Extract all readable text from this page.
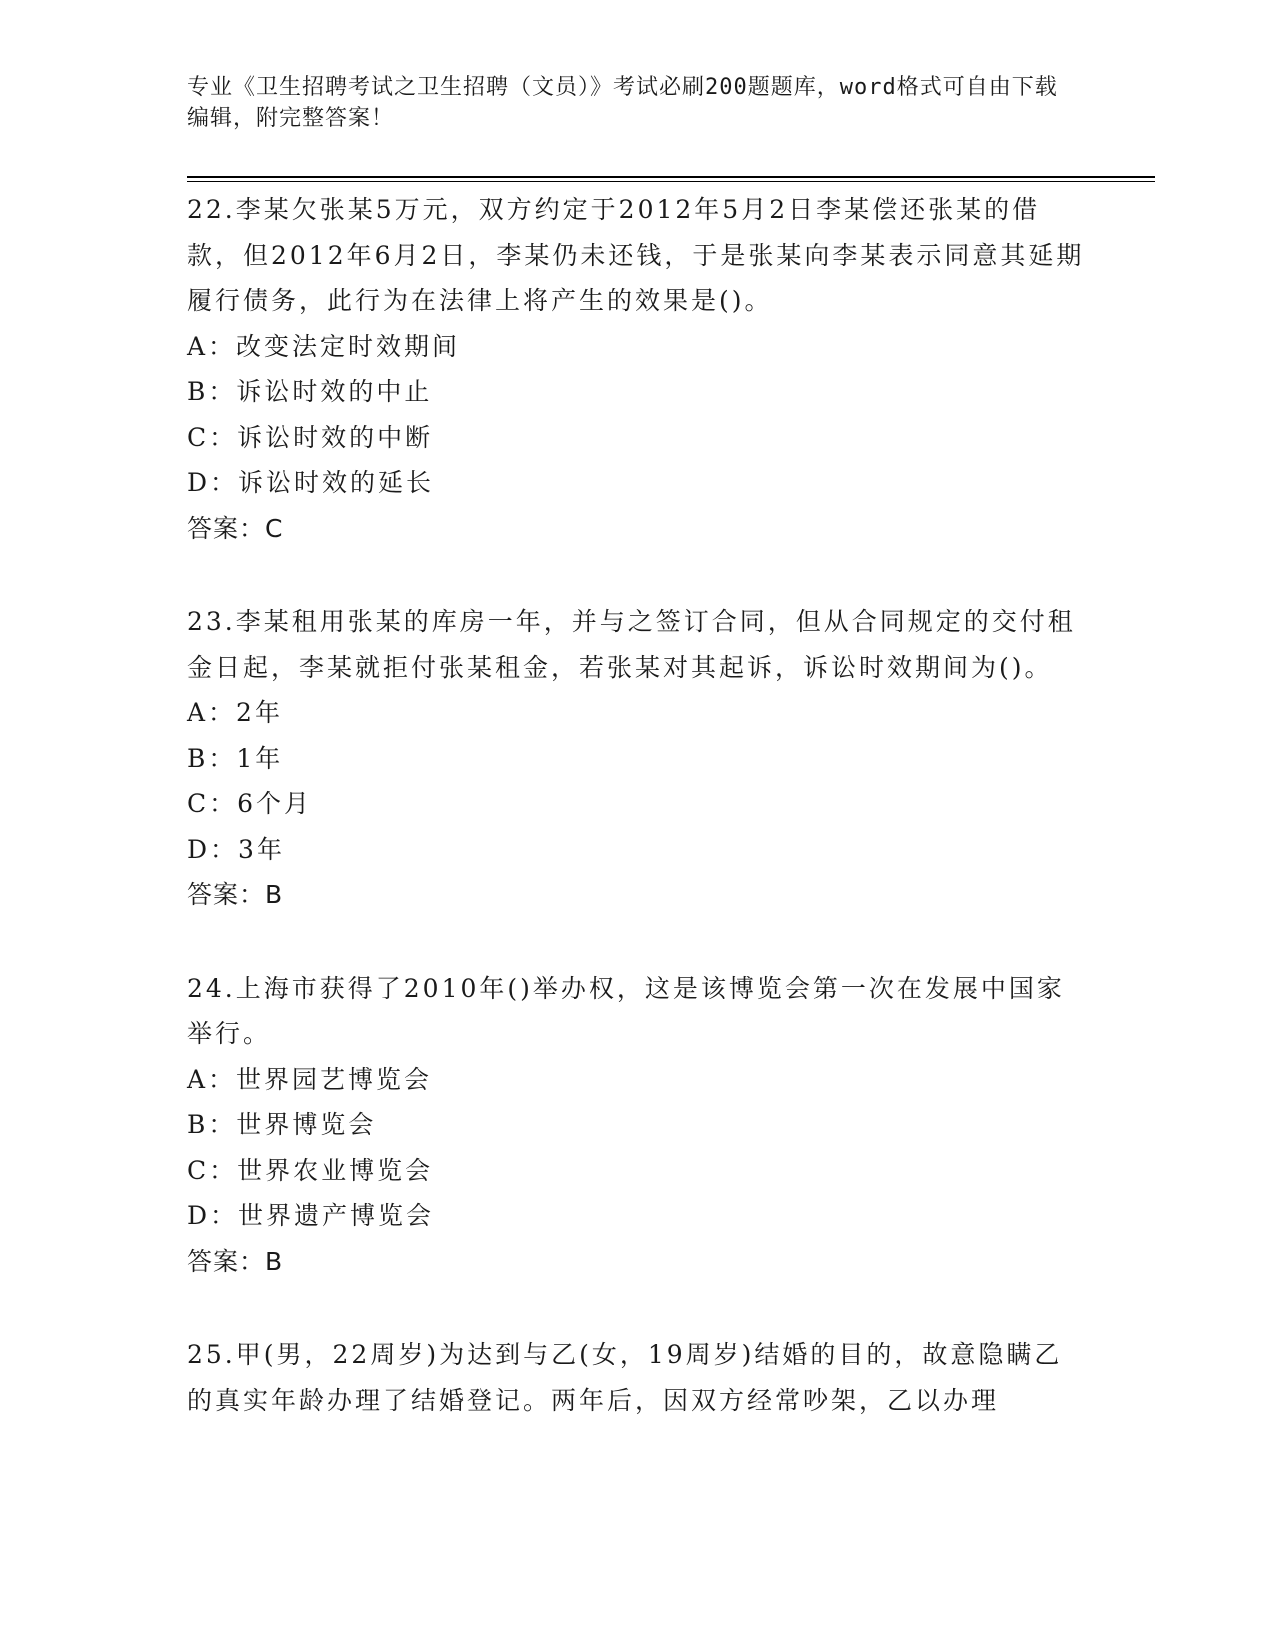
专业《卫生招聘考试之卫生招聘（文员）》考试必刷200题题库，word格式可自由下载编辑，附完整答案！
22.李某欠张某5万元，双方约定于2012年5月2日李某偿还张某的借款，但2012年6月2日，李某仍未还钱，于是张某向李某表示同意其延期履行债务，此行为在法律上将产生的效果是()。
A：改变法定时效期间
B：诉讼时效的中止
C：诉讼时效的中断
D：诉讼时效的延长
答案：C
23.李某租用张某的库房一年，并与之签订合同，但从合同规定的交付租金日起，李某就拒付张某租金，若张某对其起诉，诉讼时效期间为()。
A：2年
B：1年
C：6个月
D：3年
答案：B
24.上海市获得了2010年()举办权，这是该博览会第一次在发展中国家举行。
A：世界园艺博览会
B：世界博览会
C：世界农业博览会
D：世界遗产博览会
答案：B
25.甲(男，22周岁)为达到与乙(女，19周岁)结婚的目的，故意隐瞒乙的真实年龄办理了结婚登记。两年后，因双方经常吵架，乙以办理
